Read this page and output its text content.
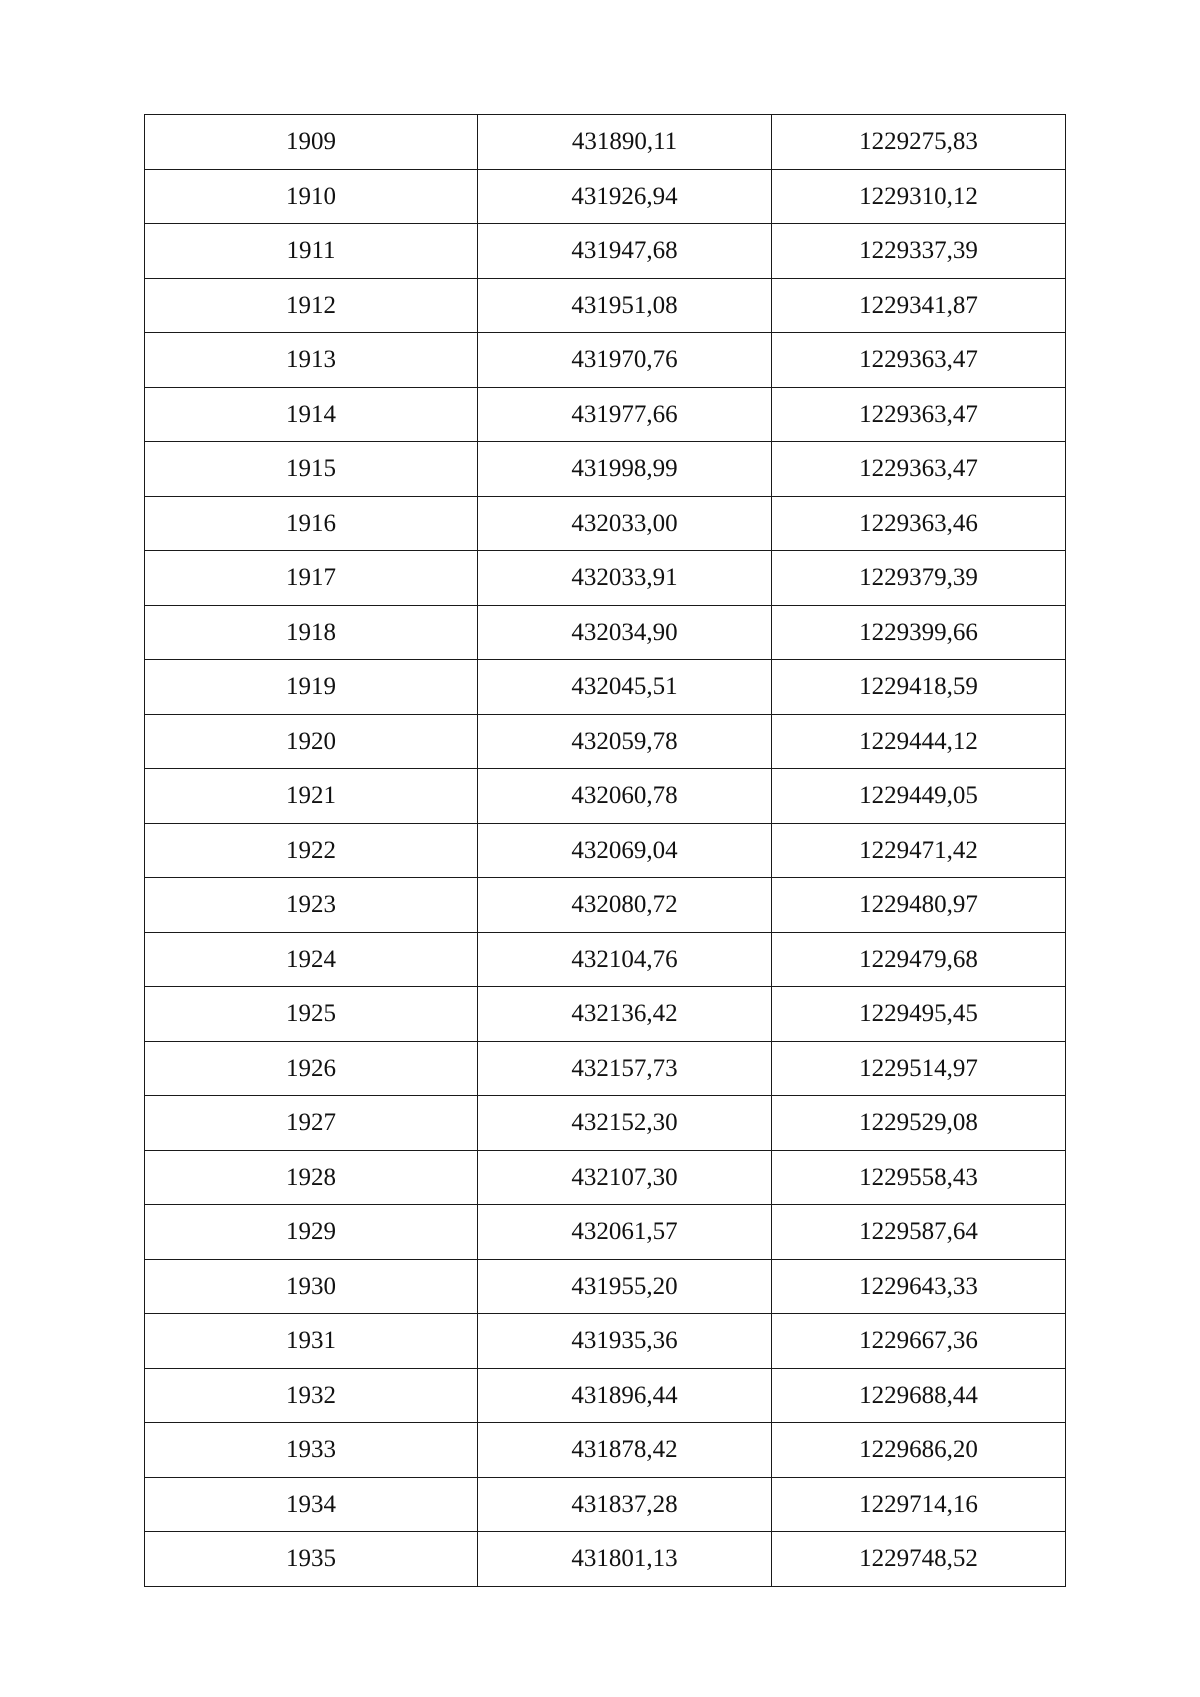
1909	431890,11	1229275,83
1910	431926,94	1229310,12
1911	431947,68	1229337,39
1912	431951,08	1229341,87
1913	431970,76	1229363,47
1914	431977,66	1229363,47
1915	431998,99	1229363,47
1916	432033,00	1229363,46
1917	432033,91	1229379,39
1918	432034,90	1229399,66
1919	432045,51	1229418,59
1920	432059,78	1229444,12
1921	432060,78	1229449,05
1922	432069,04	1229471,42
1923	432080,72	1229480,97
1924	432104,76	1229479,68
1925	432136,42	1229495,45
1926	432157,73	1229514,97
1927	432152,30	1229529,08
1928	432107,30	1229558,43
1929	432061,57	1229587,64
1930	431955,20	1229643,33
1931	431935,36	1229667,36
1932	431896,44	1229688,44
1933	431878,42	1229686,20
1934	431837,28	1229714,16
1935	431801,13	1229748,52
